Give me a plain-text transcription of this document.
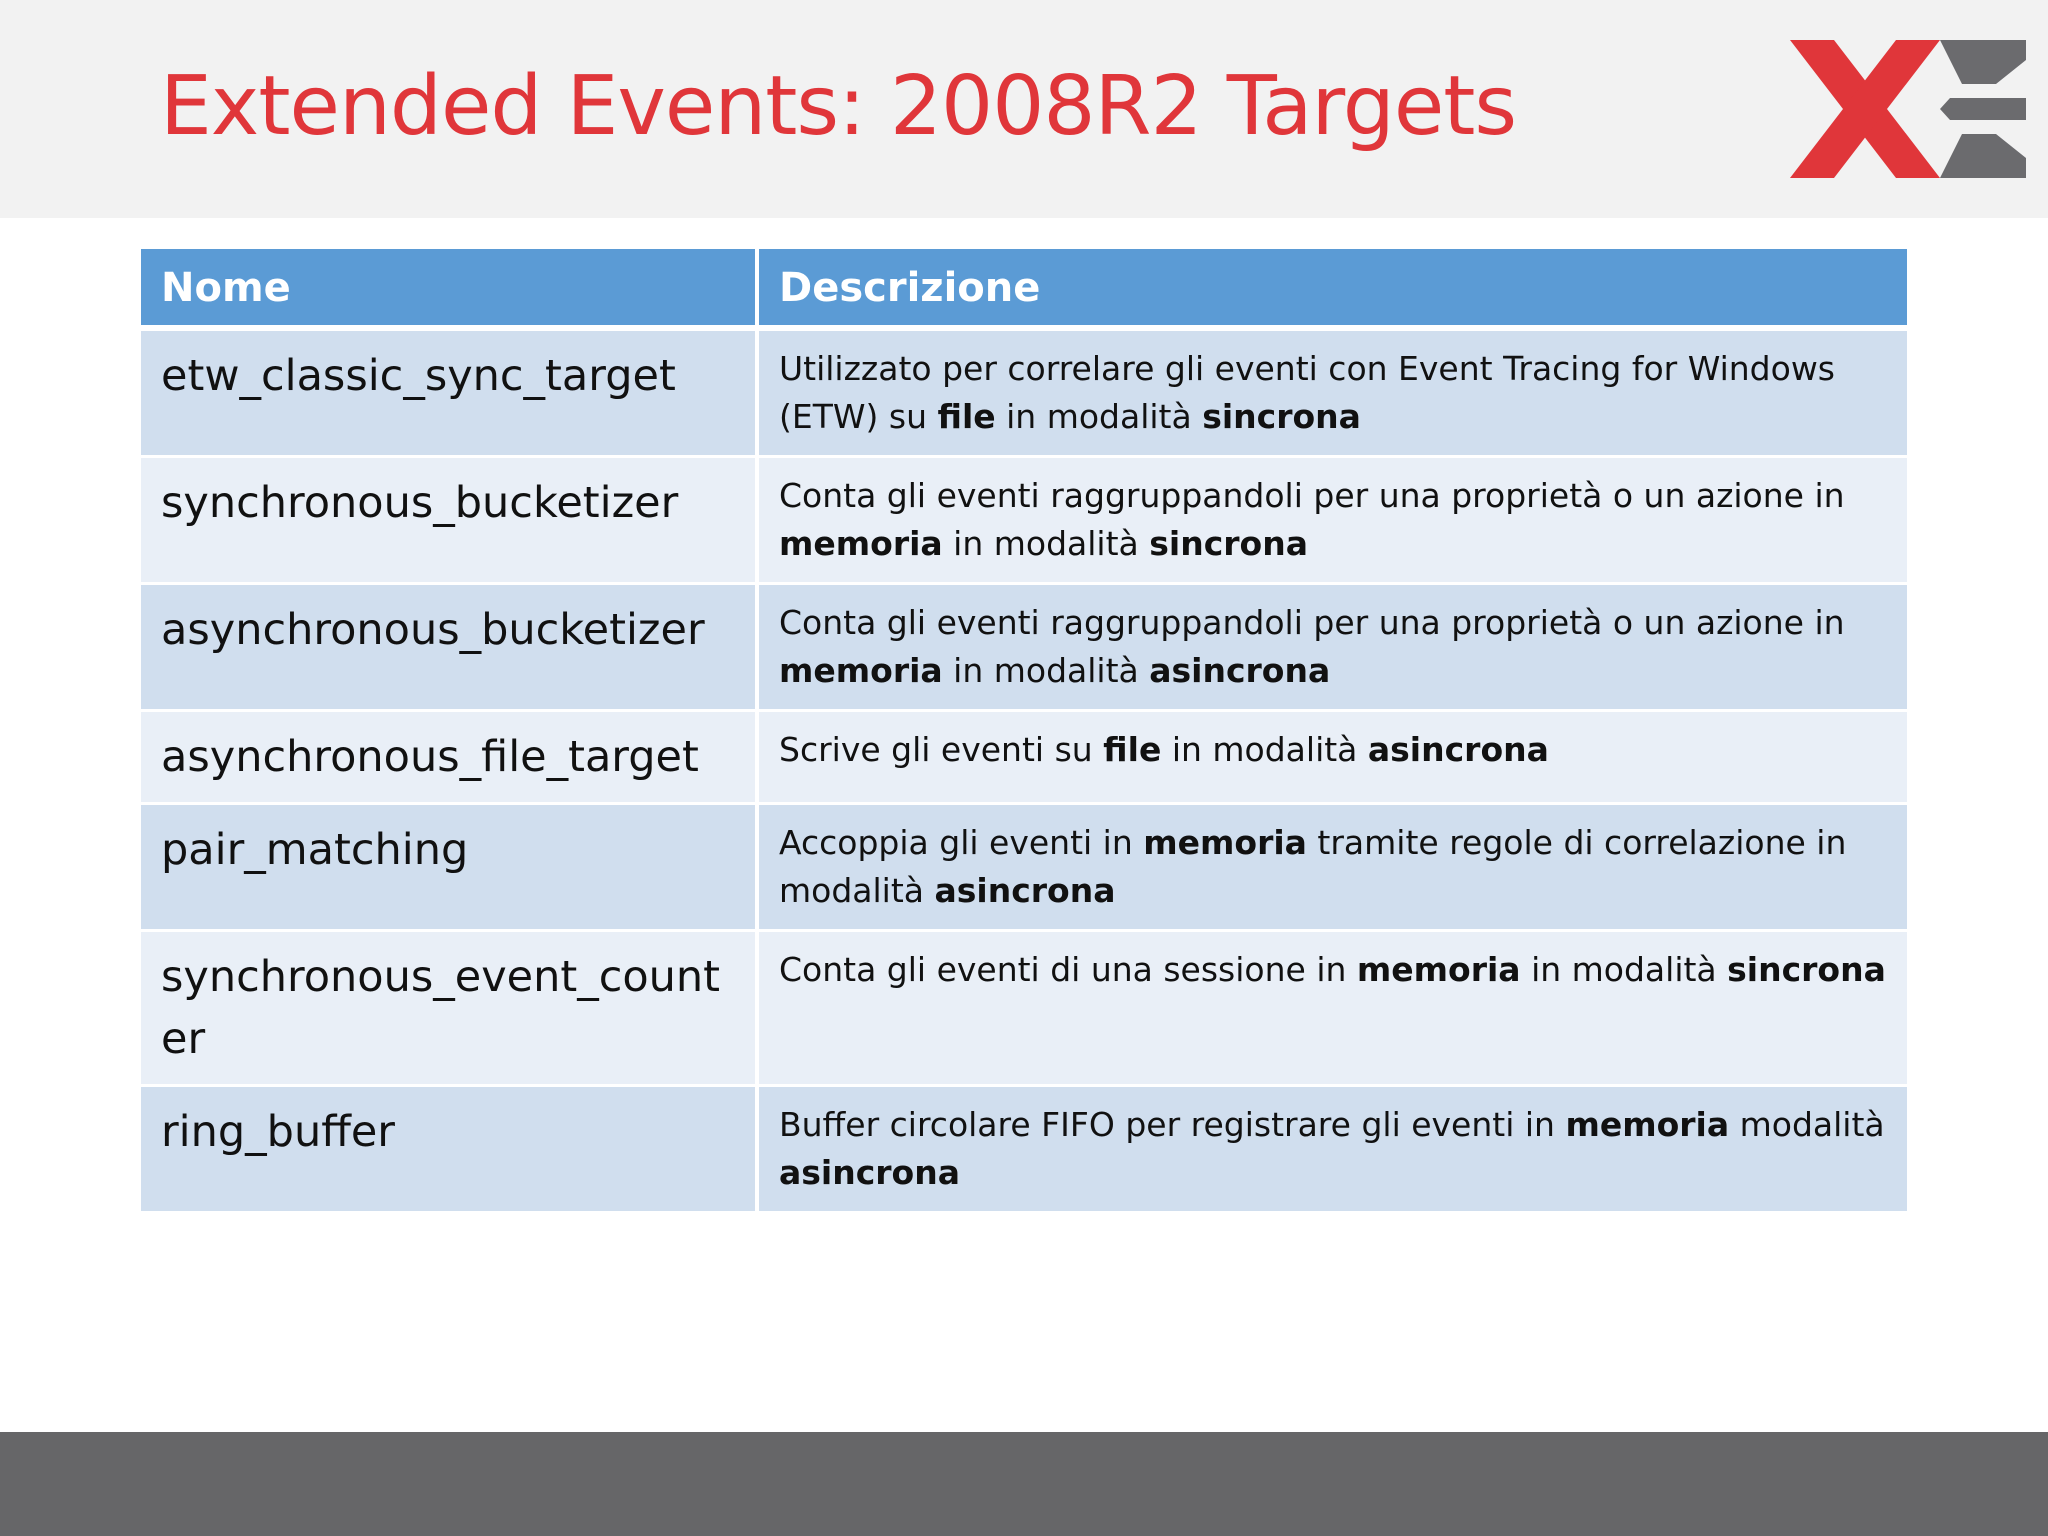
Extended Events: 2008R2 Targets
Nome	Descrizione
etw_classic_sync_target	Utilizzato per correlare gli eventi con Event Tracing for Windows (ETW) su file in modalità sincrona
synchronous_bucketizer	Conta gli eventi raggruppandoli per una proprietà o un azione in memoria in modalità sincrona
asynchronous_bucketizer	Conta gli eventi raggruppandoli per una proprietà o un azione in memoria in modalità asincrona
asynchronous_file_target	Scrive gli eventi su file in modalità asincrona
pair_matching	Accoppia gli eventi in memoria tramite regole di correlazione in modalità asincrona
synchronous_event_counter	Conta gli eventi di una sessione in memoria in modalità sincrona
ring_buffer	Buffer circolare FIFO per registrare gli eventi in memoria modalità asincrona
